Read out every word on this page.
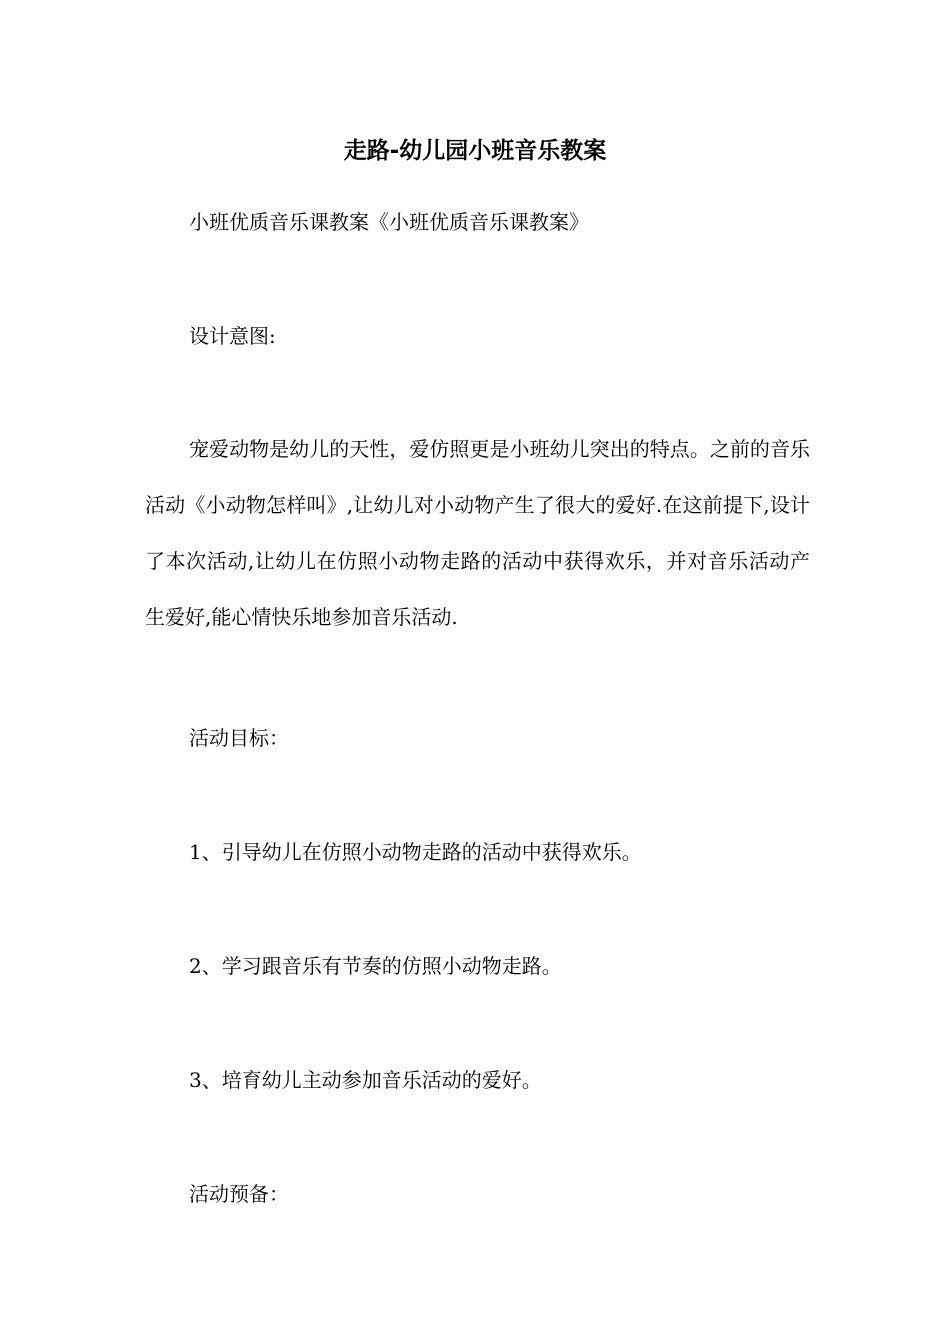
走路-幼儿园小班音乐教案
小班优质音乐课教案《小班优质音乐课教案》
设计意图:
宠爱动物是幼儿的天性，爱仿照更是小班幼儿突出的特点。之前的音乐活动《小动物怎样叫》,让幼儿对小动物产生了很大的爱好.在这前提下,设计了本次活动,让幼儿在仿照小动物走路的活动中获得欢乐，并对音乐活动产生爱好,能心情快乐地参加音乐活动.
活动目标：
1、引导幼儿在仿照小动物走路的活动中获得欢乐。
2、学习跟音乐有节奏的仿照小动物走路。
3、培育幼儿主动参加音乐活动的爱好。
活动预备：
